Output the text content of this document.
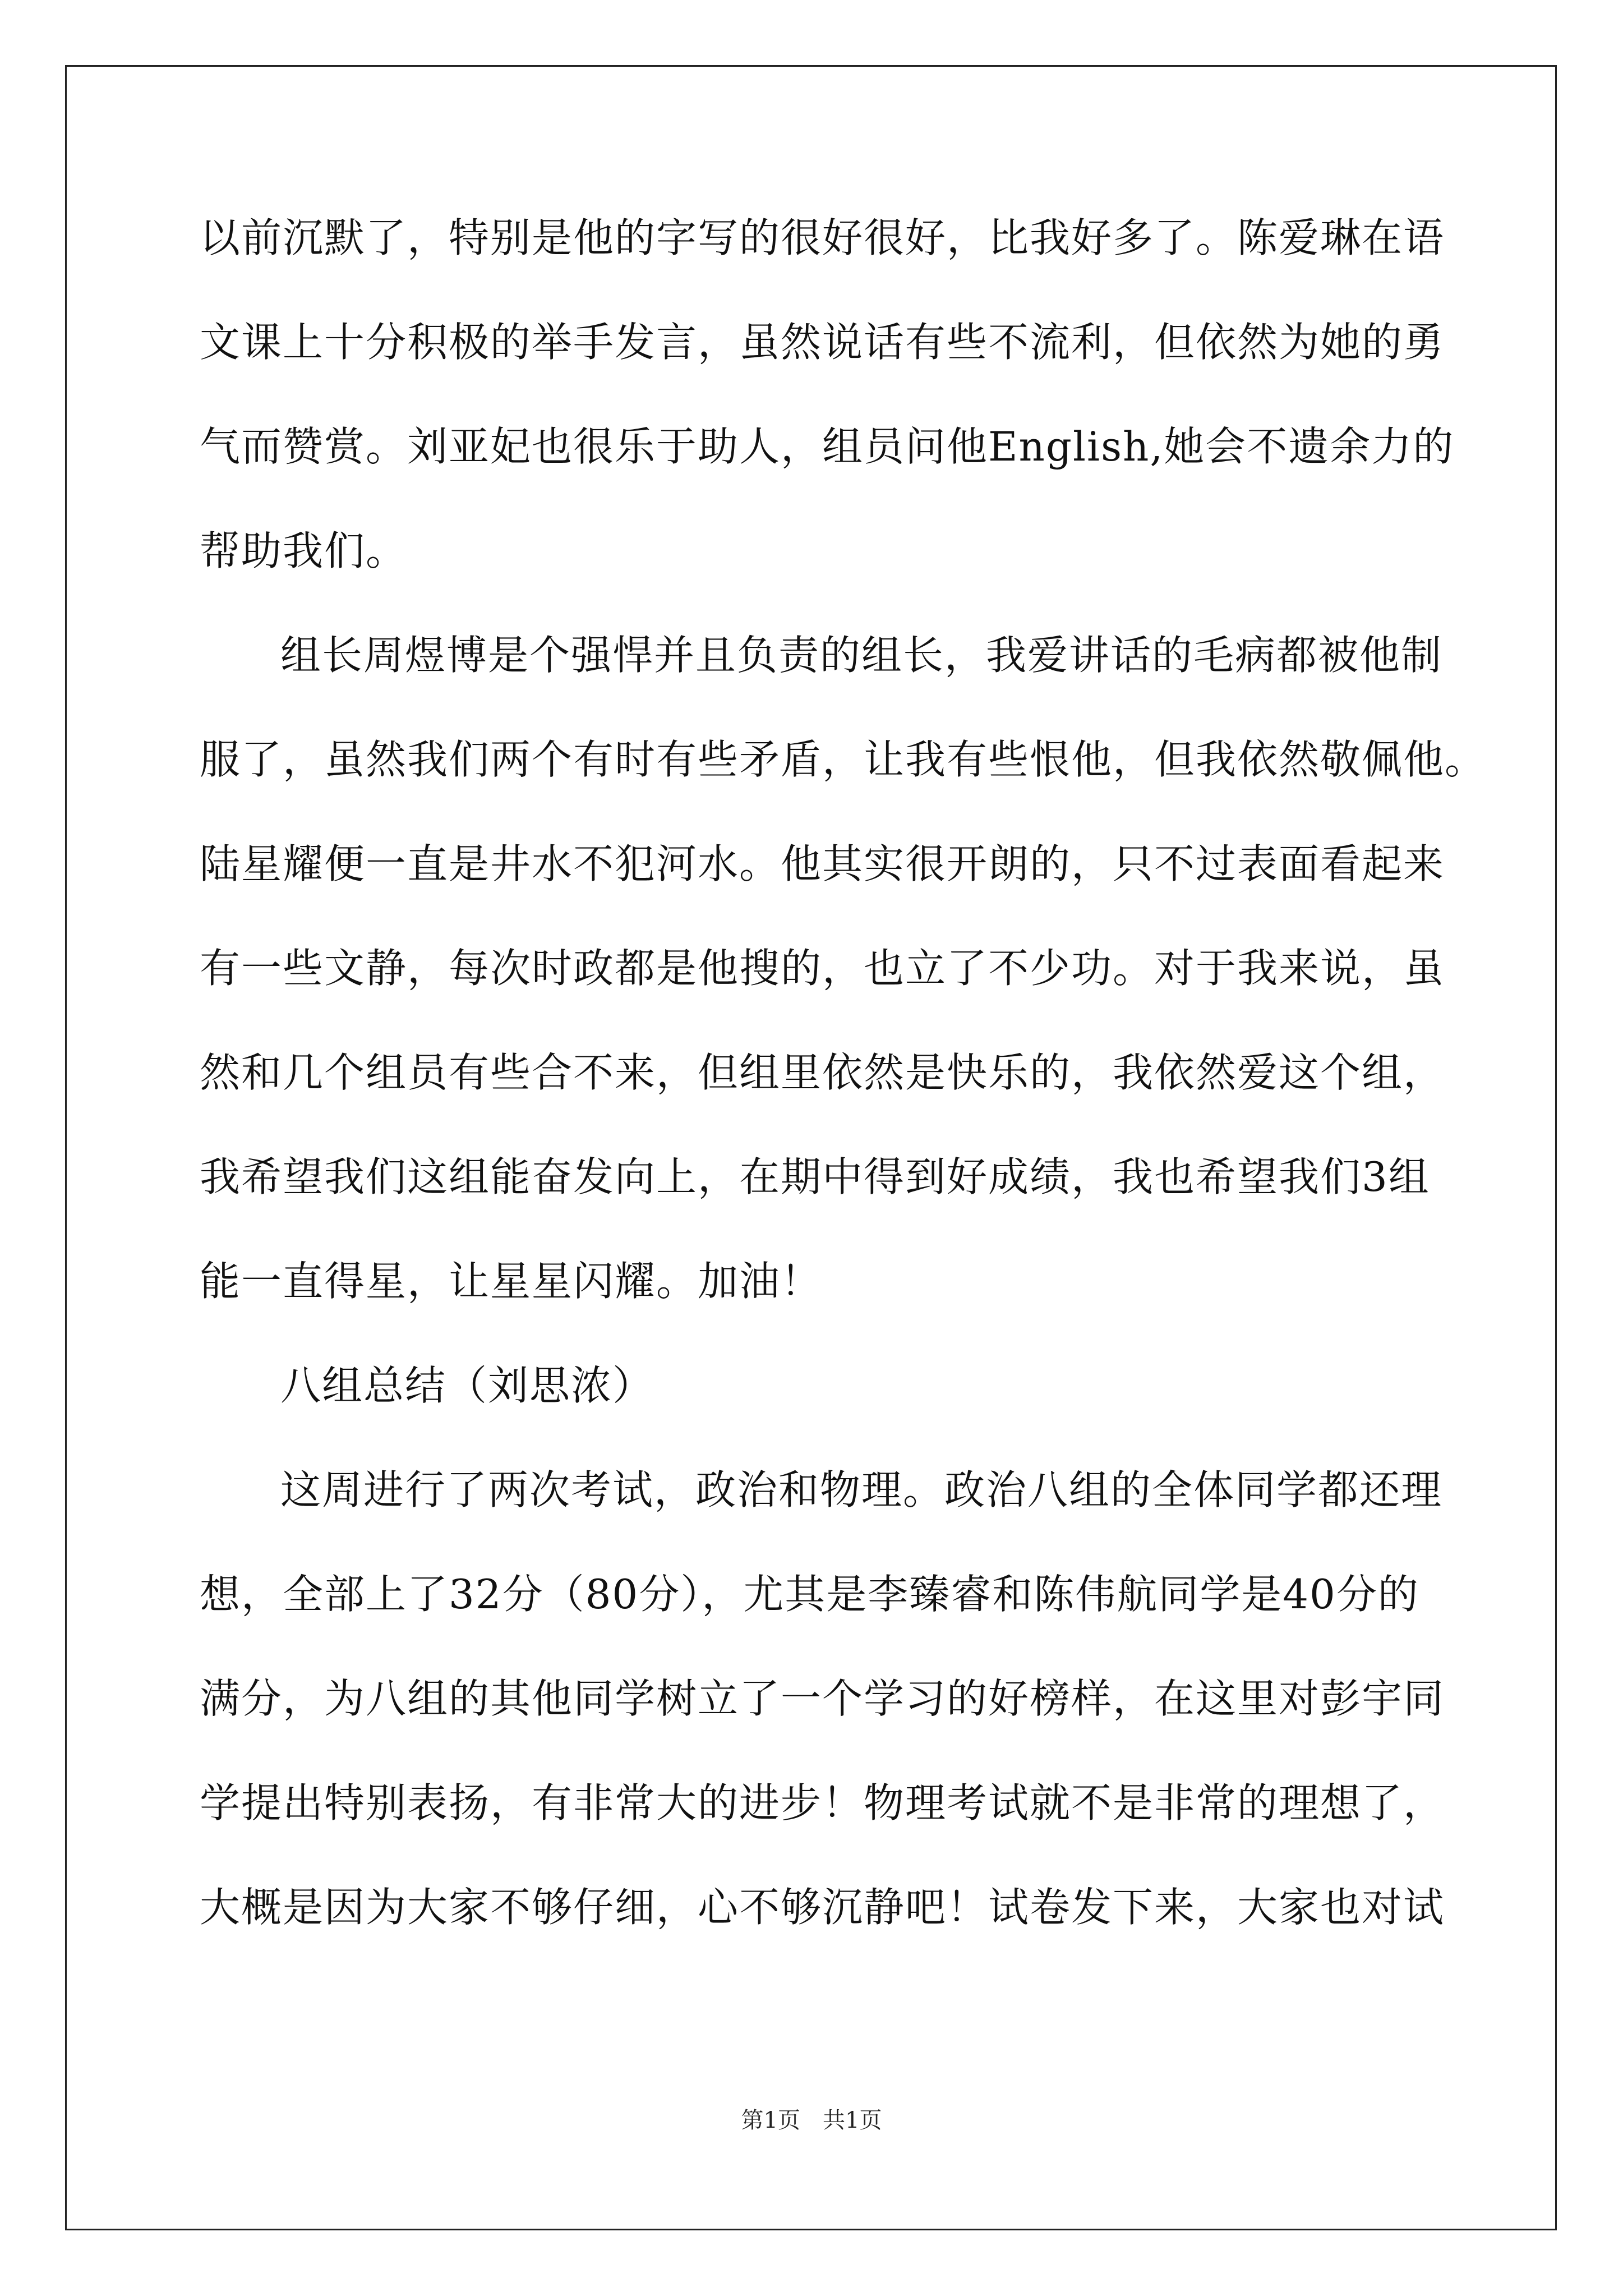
以前沉默了，特别是他的字写的很好很好，比我好多了。陈爱琳在语
文课上十分积极的举手发言，虽然说话有些不流利，但依然为她的勇
气而赞赏。刘亚妃也很乐于助人，组员问他English,她会不遗余力的
帮助我们。
组长周煜博是个强悍并且负责的组长，我爱讲话的毛病都被他制
服了，虽然我们两个有时有些矛盾，让我有些恨他，但我依然敬佩他。
陆星耀便一直是井水不犯河水。他其实很开朗的，只不过表面看起来
有一些文静，每次时政都是他搜的，也立了不少功。对于我来说，虽
然和几个组员有些合不来，但组里依然是快乐的，我依然爱这个组，
我希望我们这组能奋发向上，在期中得到好成绩，我也希望我们3组
能一直得星，让星星闪耀。加油！
八组总结（刘思浓）
这周进行了两次考试，政治和物理。政治八组的全体同学都还理
想，全部上了32分（80分），尤其是李臻睿和陈伟航同学是40分的
满分，为八组的其他同学树立了一个学习的好榜样，在这里对彭宇同
学提出特别表扬，有非常大的进步！物理考试就不是非常的理想了，
大概是因为大家不够仔细，心不够沉静吧！试卷发下来，大家也对试
第1页　共1页
